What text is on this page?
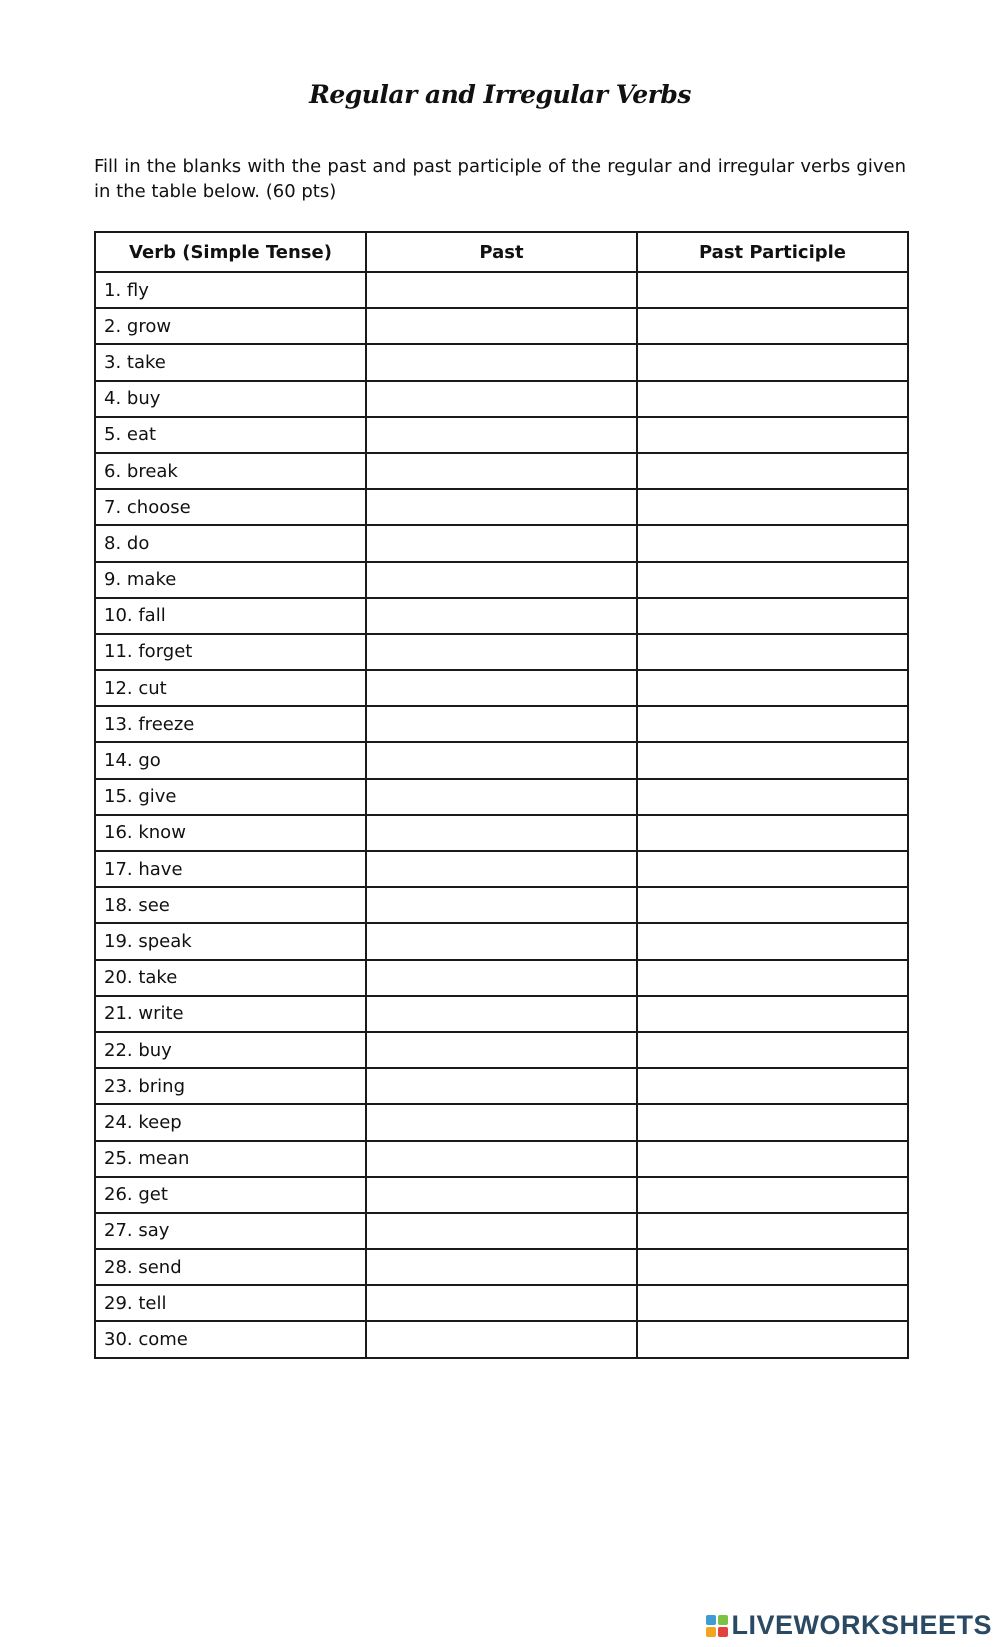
Regular and Irregular Verbs
Fill in the blanks with the past and past participle of the regular and irregular verbs given in the table below. (60 pts)
Verb (Simple Tense)	Past	Past Participle
1. fly		
2. grow		
3. take		
4. buy		
5. eat		
6. break		
7. choose		
8. do		
9. make		
10. fall		
11. forget		
12. cut		
13. freeze		
14. go		
15. give		
16. know		
17. have		
18. see		
19. speak		
20. take		
21. write		
22. buy		
23. bring		
24. keep		
25. mean		
26. get		
27. say		
28. send		
29. tell		
30. come		
LIVEWORKSHEETS
